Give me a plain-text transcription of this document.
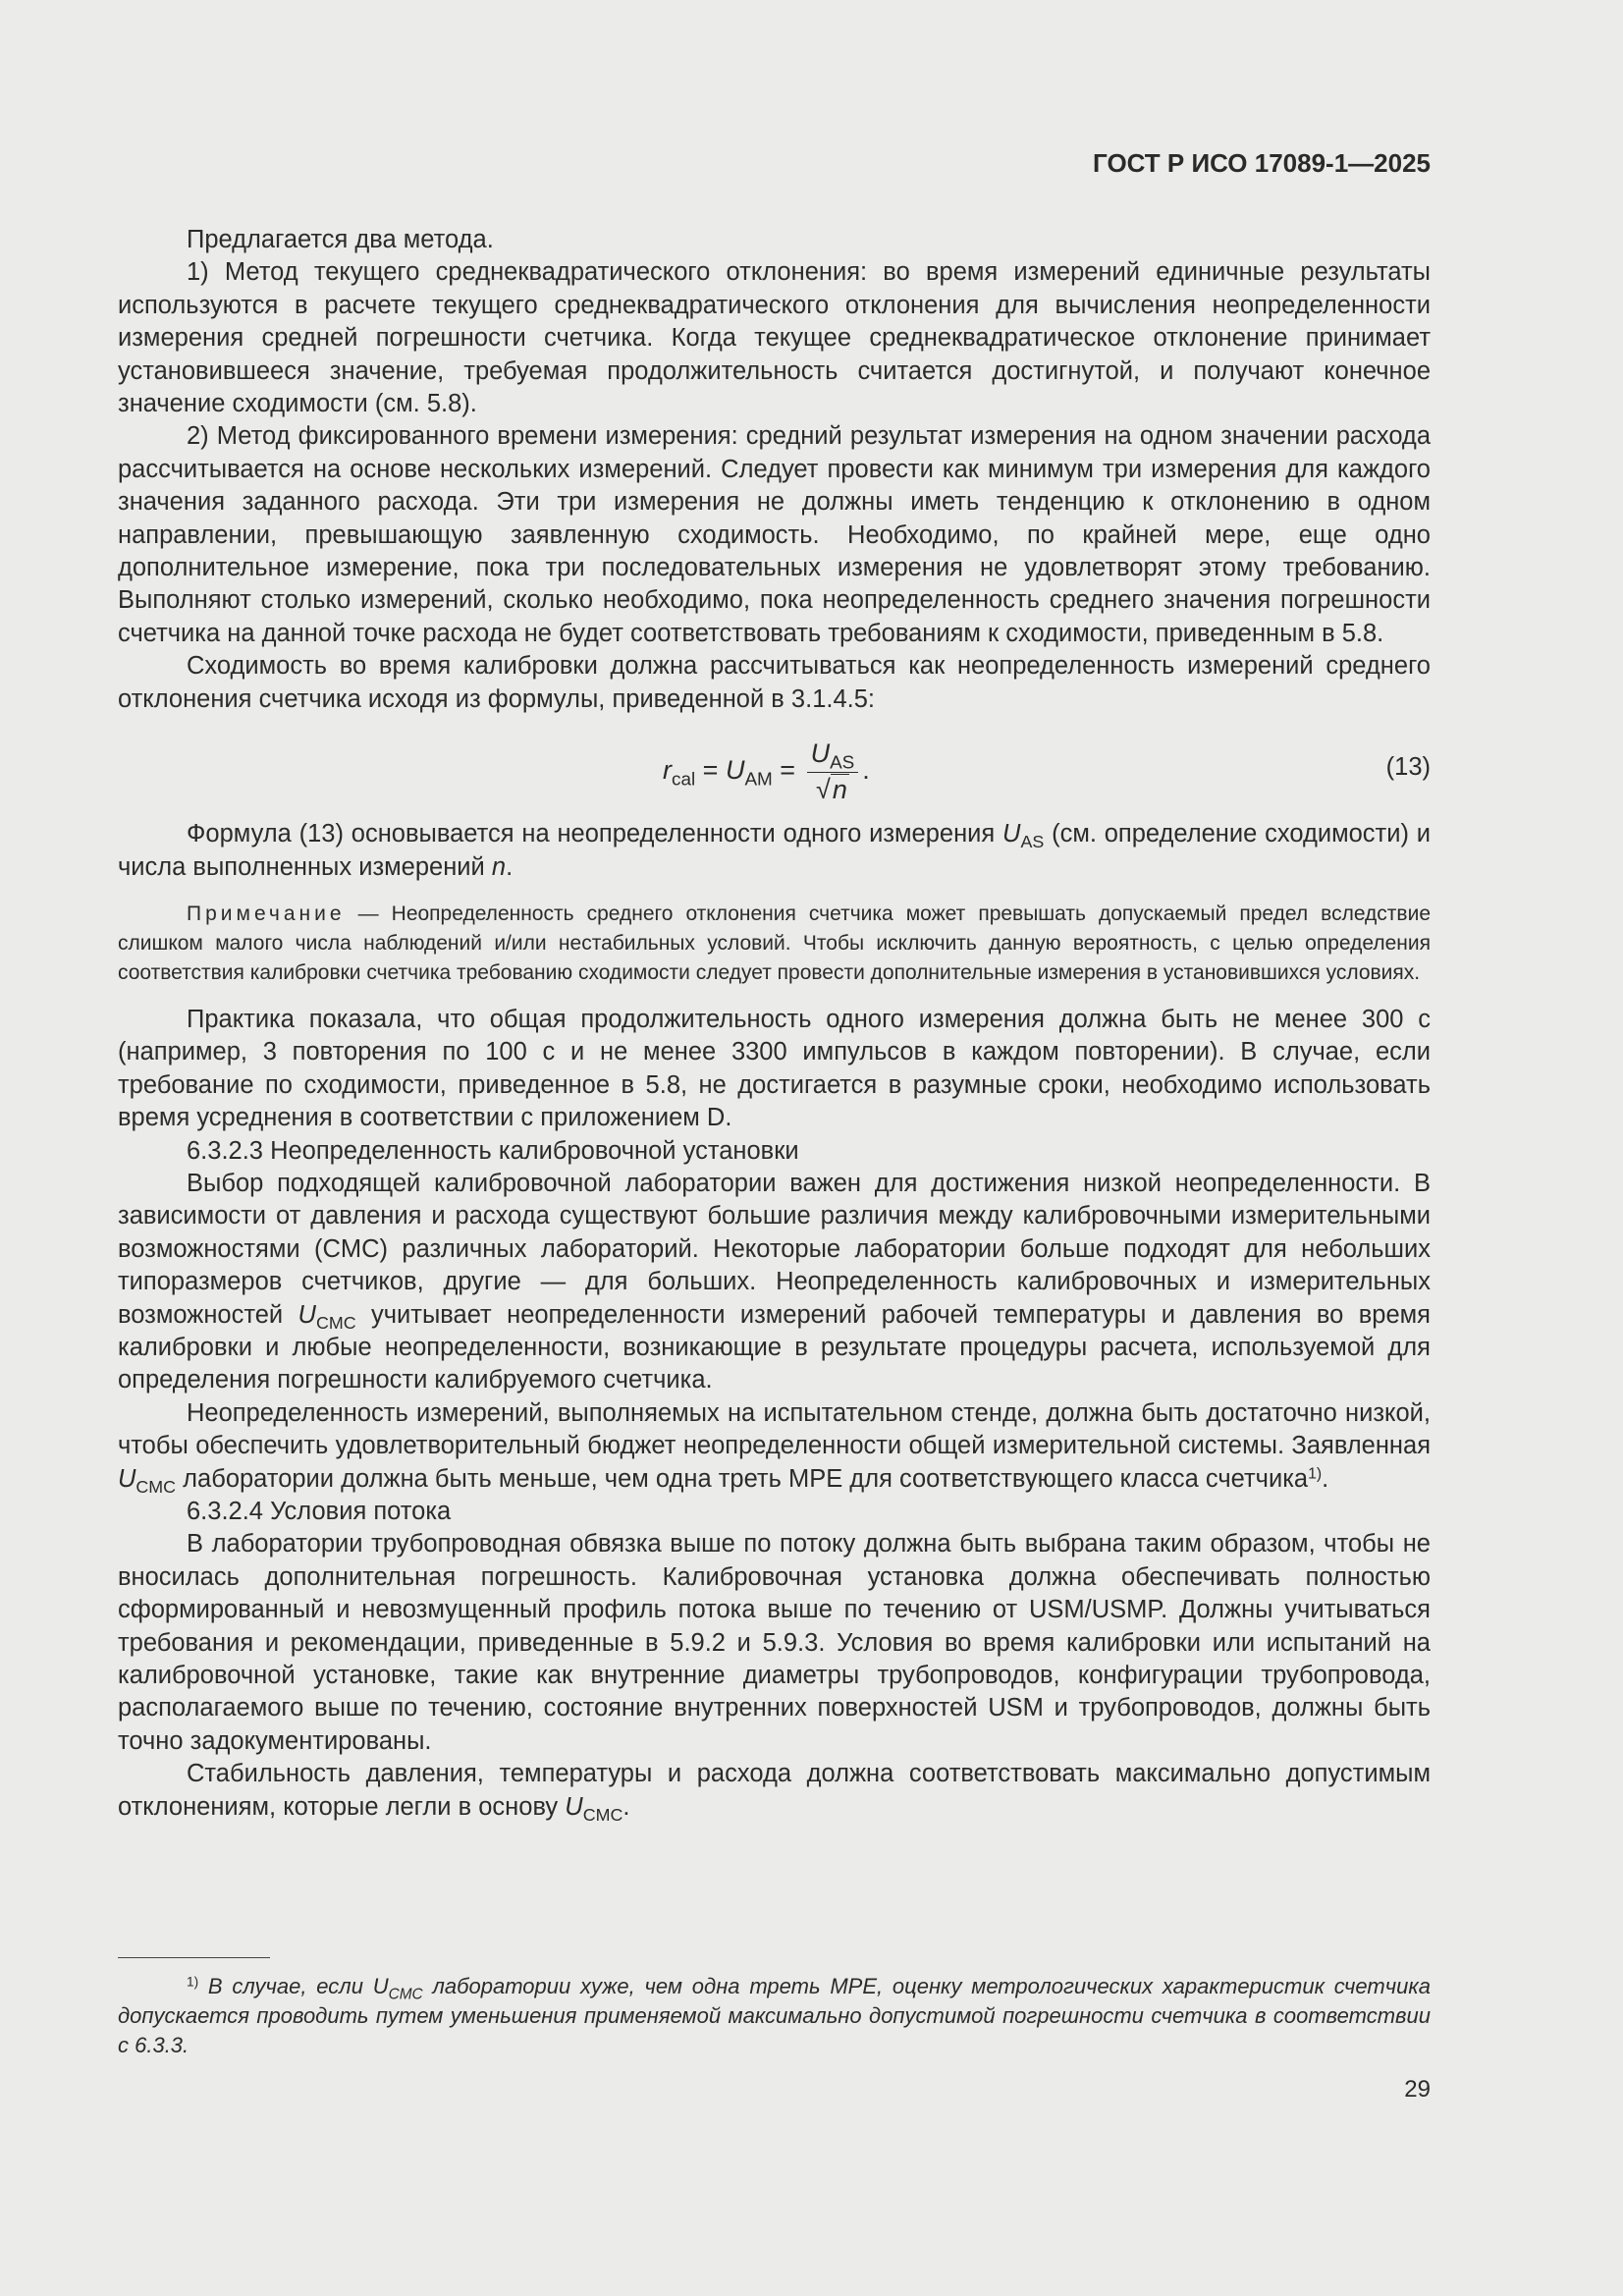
ГОСТ Р ИСО 17089-1—2025

Предлагается два метода.

1) Метод текущего среднеквадратического отклонения: во время измерений единичные результаты используются в расчете текущего среднеквадратического отклонения для вычисления неопределенности измерения средней погрешности счетчика. Когда текущее среднеквадратическое отклонение принимает установившееся значение, требуемая продолжительность считается достигнутой, и получают конечное значение сходимости (см. 5.8).

2) Метод фиксированного времени измерения: средний результат измерения на одном значении расхода рассчитывается на основе нескольких измерений. Следует провести как минимум три измерения для каждого значения заданного расхода. Эти три измерения не должны иметь тенденцию к отклонению в одном направлении, превышающую заявленную сходимость. Необходимо, по крайней мере, еще одно дополнительное измерение, пока три последовательных измерения не удовлетворят этому требованию. Выполняют столько измерений, сколько необходимо, пока неопределенность среднего значения погрешности счетчика на данной точке расхода не будет соответствовать требованиям к сходимости, приведенным в 5.8.

Сходимость во время калибровки должна рассчитываться как неопределенность измерений среднего отклонения счетчика исходя из формулы, приведенной в 3.1.4.5:

$r_{cal} = U_{AM} = \frac{U_{AS}}{√n}$ .	(13)

Формула (13) основывается на неопределенности одного измерения $U_{AS}$ (см. определение сходимости) и числа выполненных измерений n.

Примечание — Неопределенность среднего отклонения счетчика может превышать допускаемый предел вследствие слишком малого числа наблюдений и/или нестабильных условий. Чтобы исключить данную вероятность, с целью определения соответствия калибровки счетчика требованию сходимости следует провести дополнительные измерения в установившихся условиях.

Практика показала, что общая продолжительность одного измерения должна быть не менее 300 с (например, 3 повторения по 100 с и не менее 3300 импульсов в каждом повторении). В случае, если требование по сходимости, приведенное в 5.8, не достигается в разумные сроки, необходимо использовать время усреднения в соответствии с приложением D.

6.3.2.3 Неопределенность калибровочной установки

Выбор подходящей калибровочной лаборатории важен для достижения низкой неопределенности. В зависимости от давления и расхода существуют большие различия между калибровочными измерительными возможностями (CMC) различных лабораторий. Некоторые лаборатории больше подходят для небольших типоразмеров счетчиков, другие — для больших. Неопределенность калибровочных и измерительных возможностей $U_{CMC}$ учитывает неопределенности измерений рабочей температуры и давления во время калибровки и любые неопределенности, возникающие в результате процедуры расчета, используемой для определения погрешности калибруемого счетчика.

Неопределенность измерений, выполняемых на испытательном стенде, должна быть достаточно низкой, чтобы обеспечить удовлетворительный бюджет неопределенности общей измерительной системы. Заявленная $U_{CMC}$ лаборатории должна быть меньше, чем одна треть MPE для соответствующего класса счетчика$^{1)}$.

6.3.2.4 Условия потока

В лаборатории трубопроводная обвязка выше по потоку должна быть выбрана таким образом, чтобы не вносилась дополнительная погрешность. Калибровочная установка должна обеспечивать полностью сформированный и невозмущенный профиль потока выше по течению от USM/USMP. Должны учитываться требования и рекомендации, приведенные в 5.9.2 и 5.9.3. Условия во время калибровки или испытаний на калибровочной установке, такие как внутренние диаметры трубопроводов, конфигурации трубопровода, располагаемого выше по течению, состояние внутренних поверхностей USM и трубопроводов, должны быть точно задокументированы.

Стабильность давления, температуры и расхода должна соответствовать максимально допустимым отклонениям, которые легли в основу $U_{CMC}$.

$^{1)}$ В случае, если $U_{CMC}$ лаборатории хуже, чем одна треть MPE, оценку метрологических характеристик счетчика допускается проводить путем уменьшения применяемой максимально допустимой погрешности счетчика в соответствии с 6.3.3.
29
